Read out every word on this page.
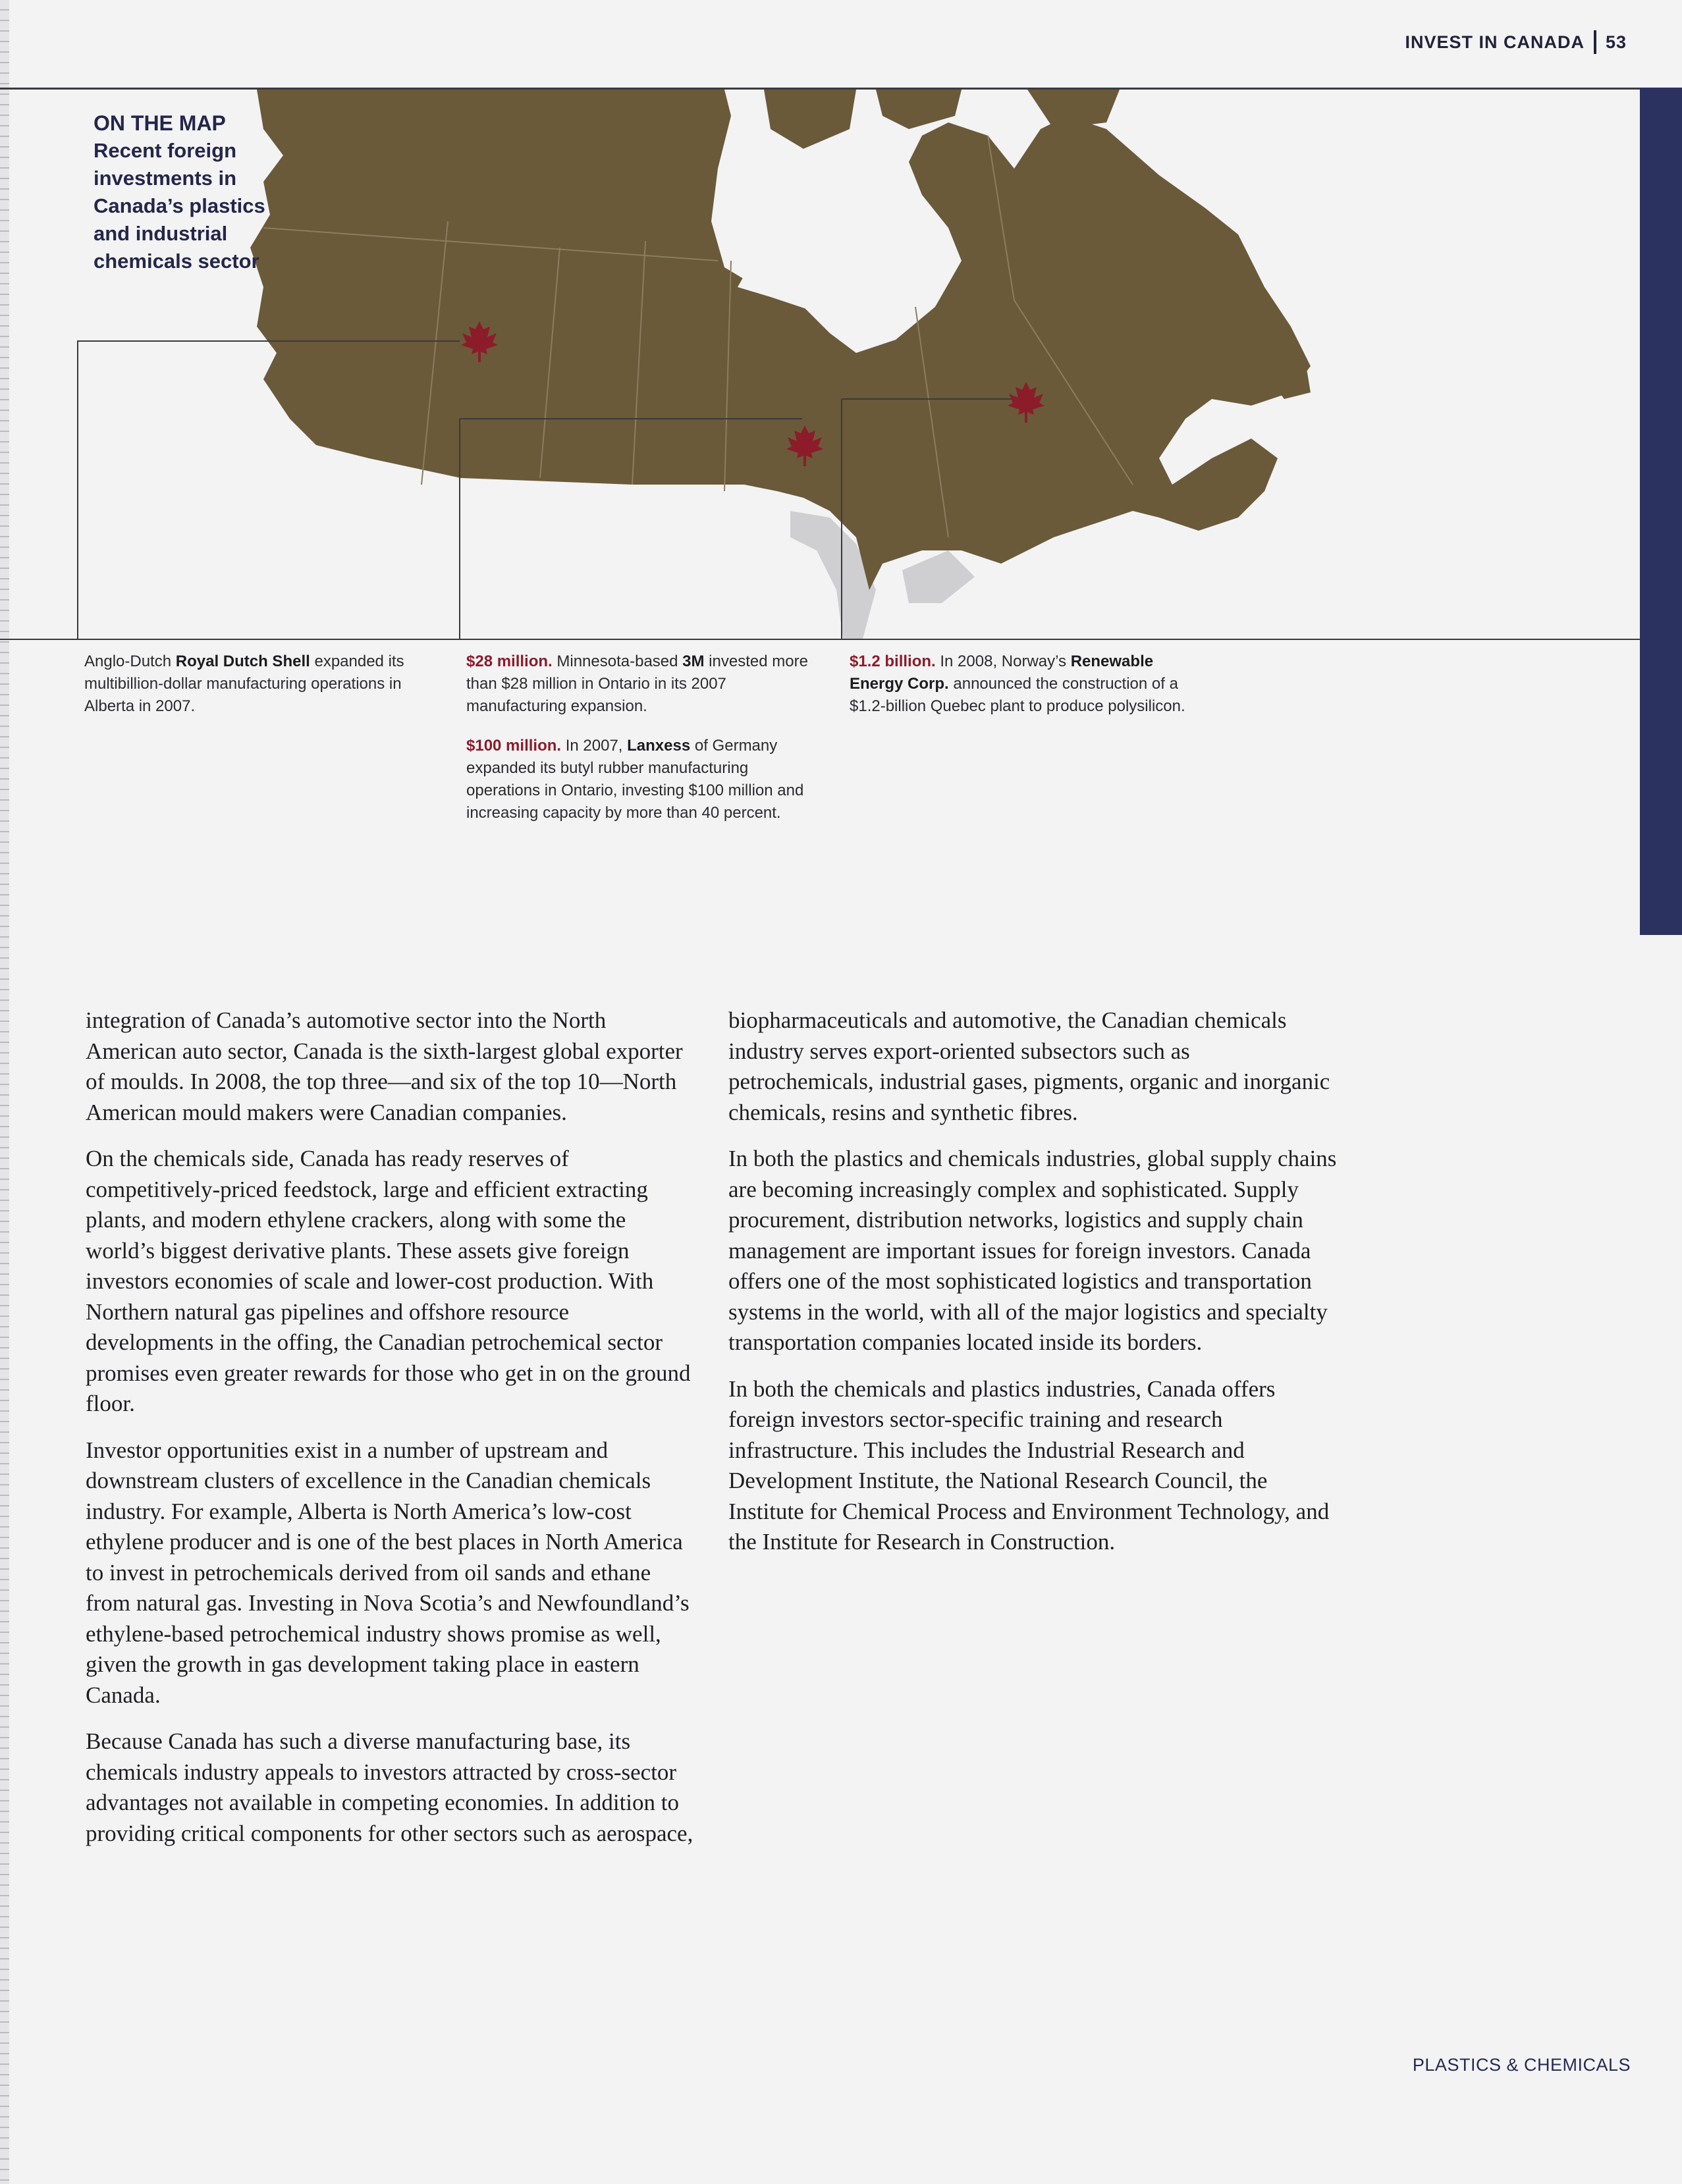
INVEST IN CANADA 53
ON THE MAP
Recent foreign investments in Canada’s plastics and industrial chemicals sector
Anglo-Dutch Royal Dutch Shell expanded its multibillion-dollar manufacturing operations in Alberta in 2007.

$28 million. Minnesota-based 3M invested more than $28 million in Ontario in its 2007 manufacturing expansion.

$100 million. In 2007, Lanxess of Germany expanded its butyl rubber manufacturing operations in Ontario, investing $100 million and increasing capacity by more than 40 percent.

$1.2 billion. In 2008, Norway’s Renewable Energy Corp. announced the construction of a $1.2-billion Quebec plant to produce polysilicon.

integration of Canada’s automotive sector into the North American auto sector, Canada is the sixth-largest global exporter of moulds. In 2008, the top three—and six of the top 10—North American mould makers were Canadian companies.

On the chemicals side, Canada has ready reserves of competitively-priced feedstock, large and efficient extracting plants, and modern ethylene crackers, along with some the world’s biggest derivative plants. These assets give foreign investors economies of scale and lower-cost production. With Northern natural gas pipelines and offshore resource developments in the offing, the Canadian petrochemical sector promises even greater rewards for those who get in on the ground floor.

Investor opportunities exist in a number of upstream and downstream clusters of excellence in the Canadian chemicals industry. For example, Alberta is North America’s low-cost ethylene producer and is one of the best places in North America to invest in petrochemicals derived from oil sands and ethane from natural gas. Investing in Nova Scotia’s and Newfoundland’s ethylene-based petrochemical industry shows promise as well, given the growth in gas development taking place in eastern Canada.

Because Canada has such a diverse manufacturing base, its chemicals industry appeals to investors attracted by cross-sector advantages not available in competing economies. In addition to providing critical components for other sectors such as aerospace,

biopharmaceuticals and automotive, the Canadian chemicals industry serves export-oriented subsectors such as petrochemicals, industrial gases, pigments, organic and inorganic chemicals, resins and synthetic fibres.

In both the plastics and chemicals industries, global supply chains are becoming increasingly complex and sophisticated. Supply procurement, distribution networks, logistics and supply chain management are important issues for foreign investors. Canada offers one of the most sophisticated logistics and transportation systems in the world, with all of the major logistics and specialty transportation companies located inside its borders.

In both the chemicals and plastics industries, Canada offers foreign investors sector-specific training and research infrastructure. This includes the Industrial Research and Development Institute, the National Research Council, the Institute for Chemical Process and Environment Technology, and the Institute for Research in Construction.

PLASTICS & CHEMICALS
